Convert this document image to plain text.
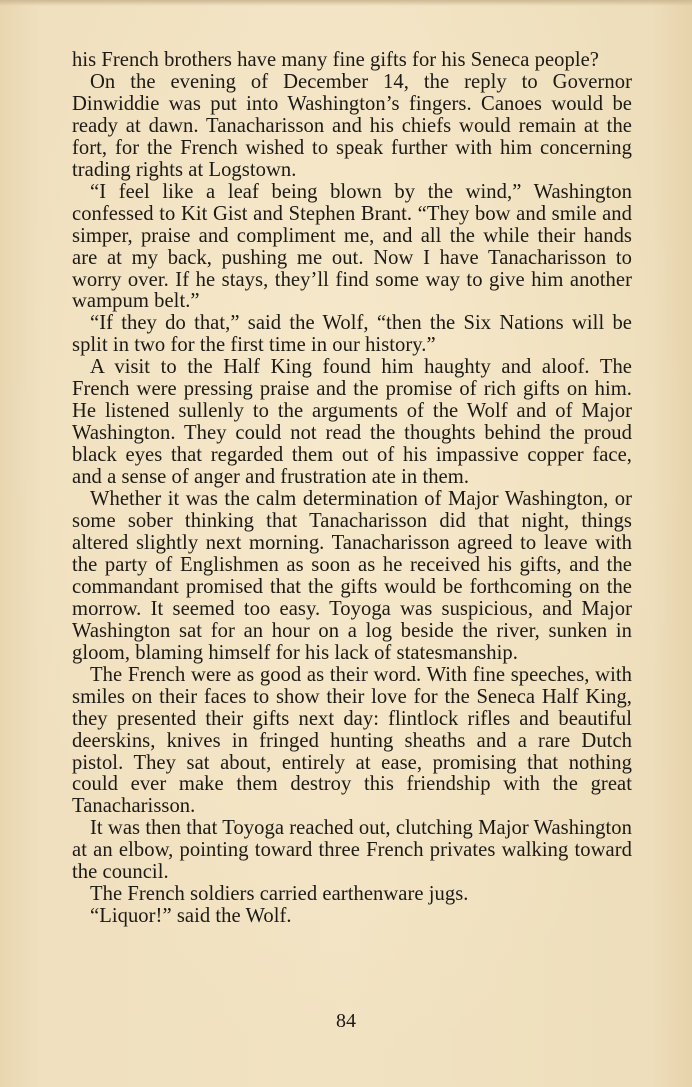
his French brothers have many fine gifts for his Seneca people?

On the evening of December 14, the reply to Governor Dinwiddie was put into Washington’s fingers. Canoes would be ready at dawn. Tanacharisson and his chiefs would remain at the fort, for the French wished to speak further with him concerning trading rights at Logstown.

“I feel like a leaf being blown by the wind,” Washington confessed to Kit Gist and Stephen Brant. “They bow and smile and simper, praise and compliment me, and all the while their hands are at my back, pushing me out. Now I have Tanacharisson to worry over. If he stays, they’ll find some way to give him another wampum belt.”

“If they do that,” said the Wolf, “then the Six Nations will be split in two for the first time in our history.”

A visit to the Half King found him haughty and aloof. The French were pressing praise and the promise of rich gifts on him. He listened sullenly to the arguments of the Wolf and of Major Washington. They could not read the thoughts behind the proud black eyes that regarded them out of his impassive copper face, and a sense of anger and frustration ate in them.

Whether it was the calm determination of Major Washington, or some sober thinking that Tanacharisson did that night, things altered slightly next morning. Tanacharisson agreed to leave with the party of Englishmen as soon as he received his gifts, and the commandant promised that the gifts would be forthcoming on the morrow. It seemed too easy. Toyoga was suspicious, and Major Washington sat for an hour on a log beside the river, sunken in gloom, blaming himself for his lack of statesmanship.

The French were as good as their word. With fine speeches, with smiles on their faces to show their love for the Seneca Half King, they presented their gifts next day: flintlock rifles and beautiful deerskins, knives in fringed hunting sheaths and a rare Dutch pistol. They sat about, entirely at ease, promising that nothing could ever make them destroy this friendship with the great Tanacharisson.

It was then that Toyoga reached out, clutching Major Washington at an elbow, pointing toward three French privates walking toward the council.

The French soldiers carried earthenware jugs.

“Liquor!” said the Wolf.

84
